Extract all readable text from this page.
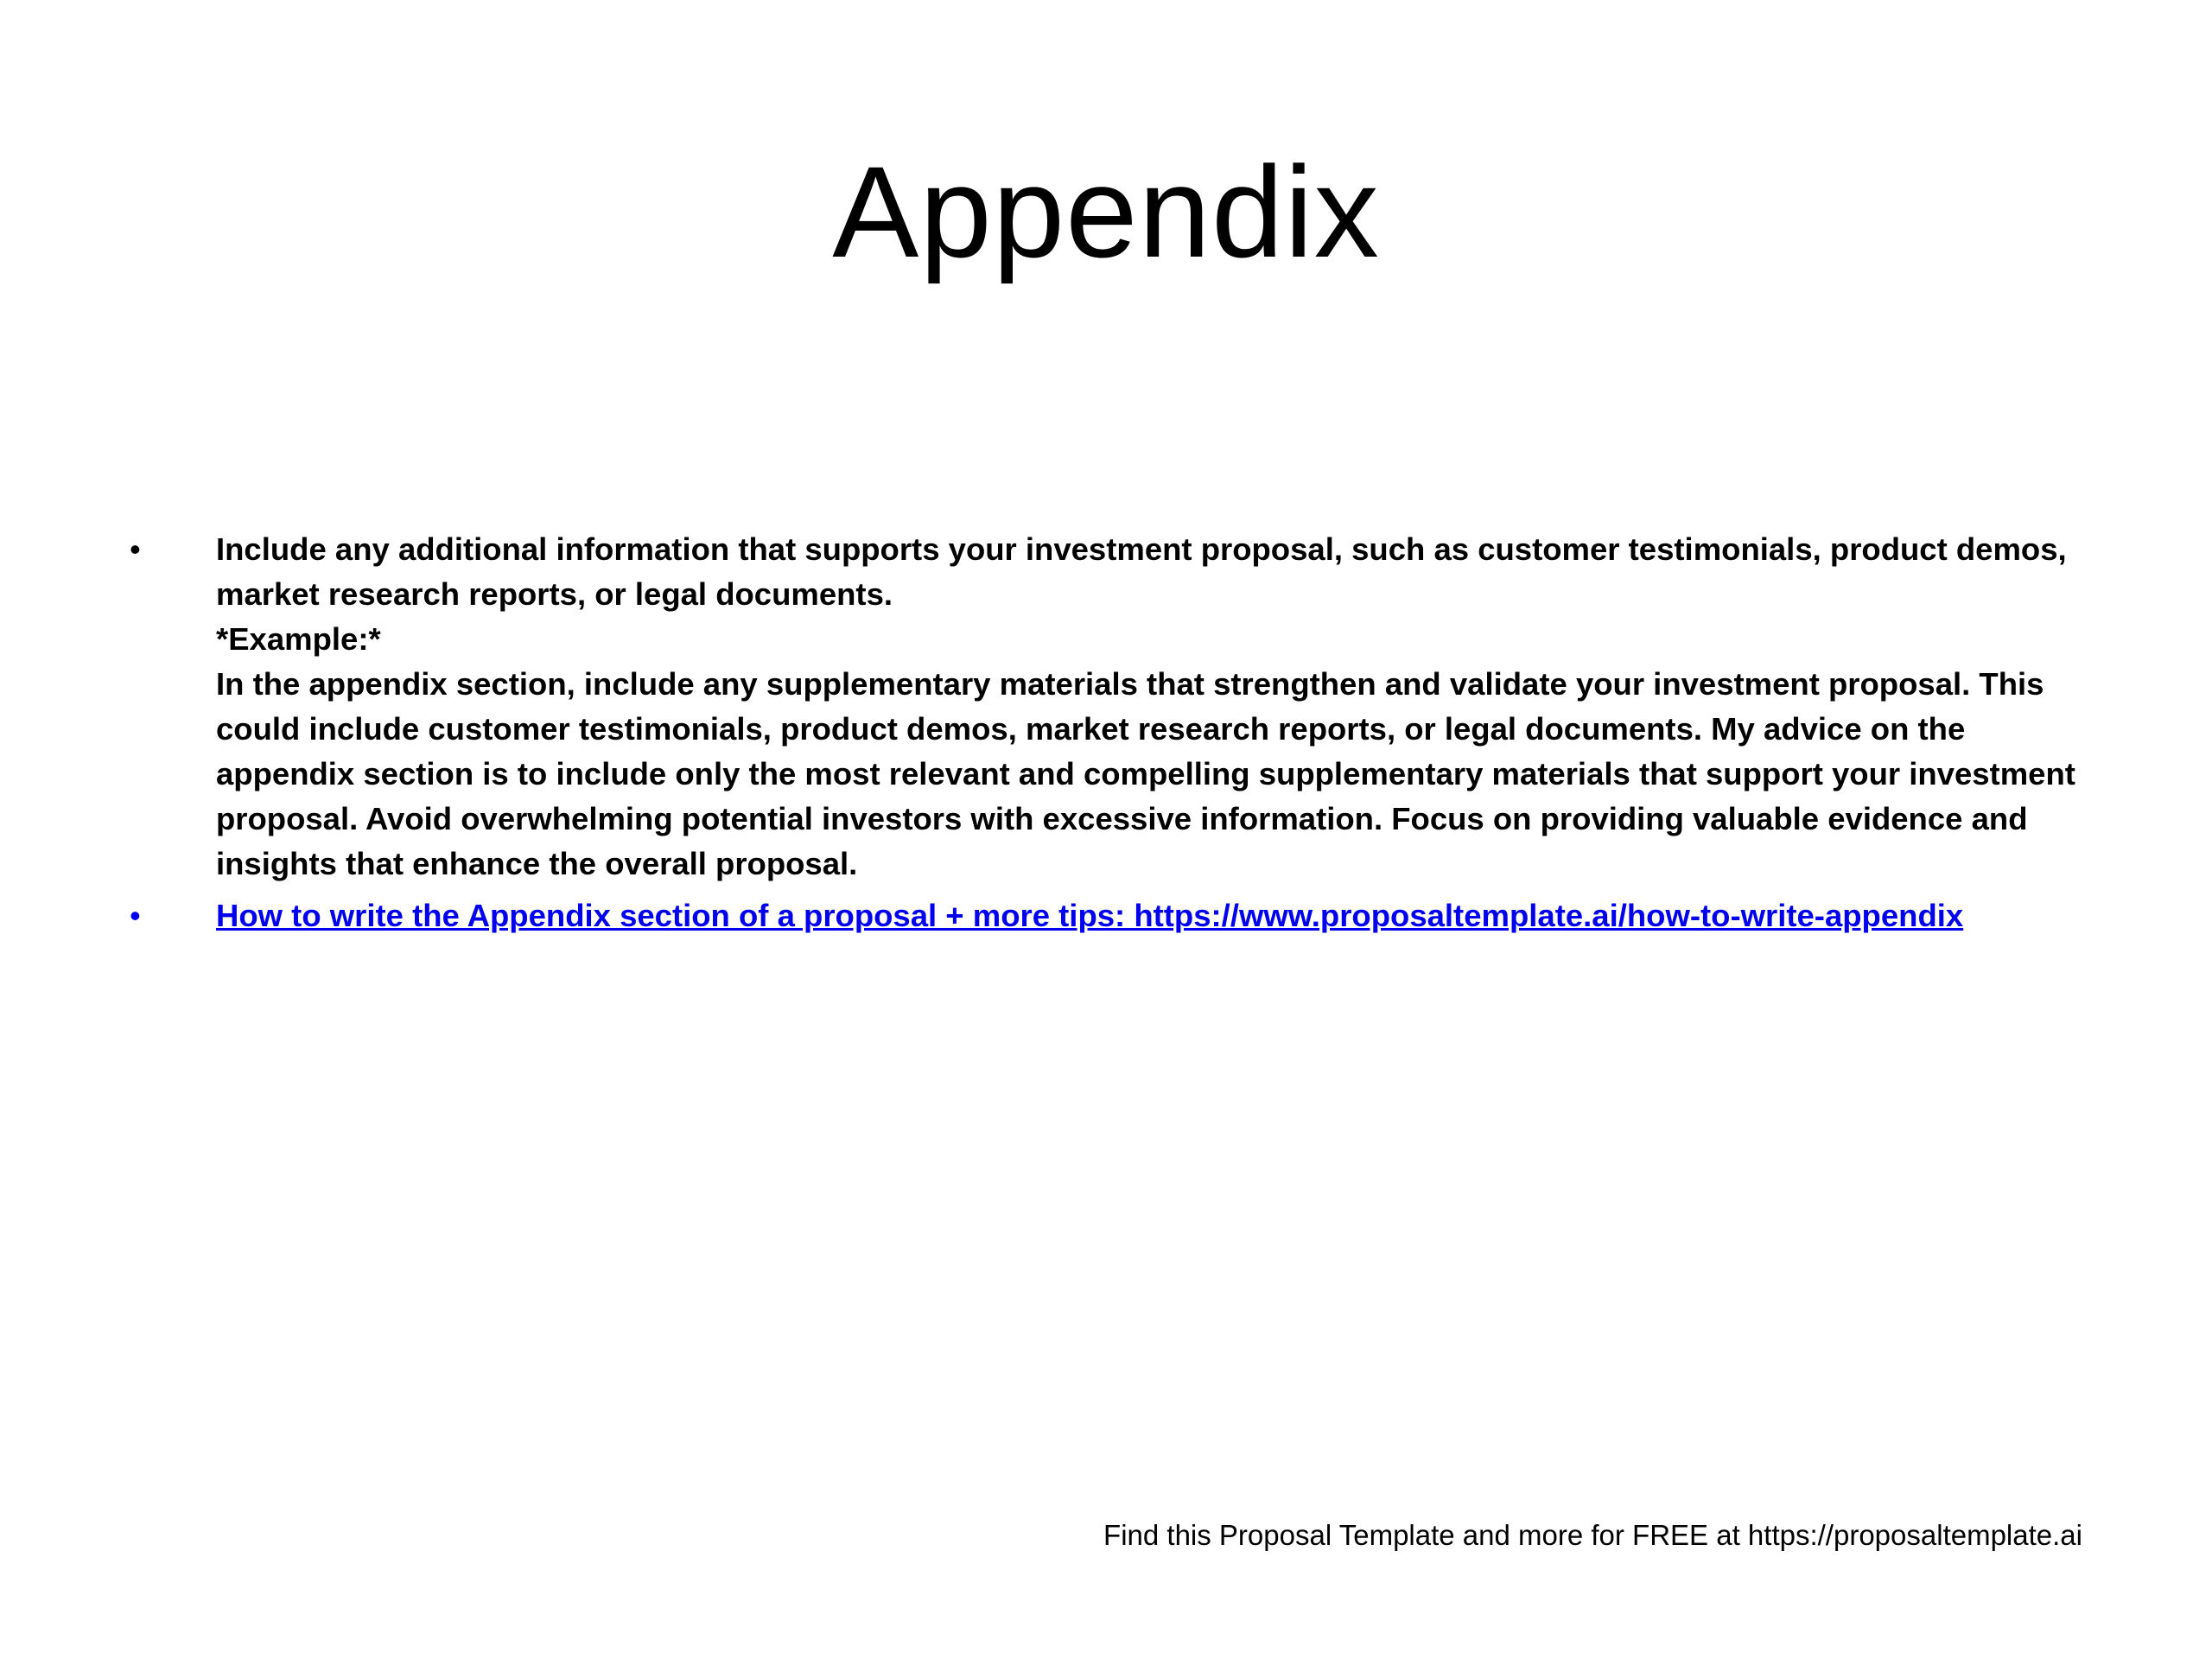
Appendix
•	Include any additional information that supports your investment proposal, such as customer testimonials, product demos, market research reports, or legal documents.

*Example:*

In the appendix section, include any supplementary materials that strengthen and validate your investment proposal. This could include customer testimonials, product demos, market research reports, or legal documents. My advice on the appendix section is to include only the most relevant and compelling supplementary materials that support your investment proposal. Avoid overwhelming potential investors with excessive information. Focus on providing valuable evidence and insights that enhance the overall proposal.

•	How to write the Appendix section of a proposal + more tips: https://www.proposaltemplate.ai/how-to-write-appendix
Find this Proposal Template and more for FREE at https://proposaltemplate.ai
